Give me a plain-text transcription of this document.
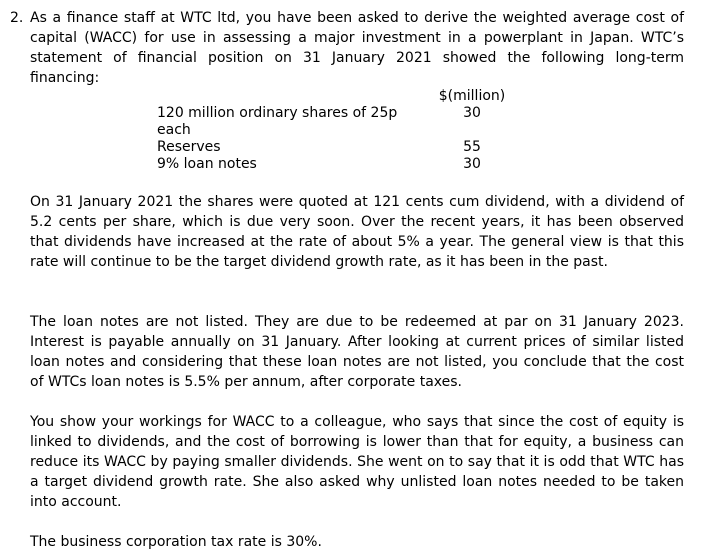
2. As a finance staff at WTC ltd, you have been asked to derive the weighted average cost of capital (WACC) for use in assessing a major investment in a powerplant in Japan. WTC’s statement of financial position on 31 January 2021 showed the following long-term financing:

	$(million)

120 million ordinary shares of 25p each	30
Reserves	55
9% loan notes	30

On 31 January 2021 the shares were quoted at 121 cents cum dividend, with a dividend of 5.2 cents per share, which is due very soon. Over the recent years, it has been observed that dividends have increased at the rate of about 5% a year. The general view is that this rate will continue to be the target dividend growth rate, as it has been in the past.

The loan notes are not listed. They are due to be redeemed at par on 31 January 2023. Interest is payable annually on 31 January. After looking at current prices of similar listed loan notes and considering that these loan notes are not listed, you conclude that the cost of WTCs loan notes is 5.5% per annum, after corporate taxes.

You show your workings for WACC to a colleague, who says that since the cost of equity is linked to dividends, and the cost of borrowing is lower than that for equity, a business can reduce its WACC by paying smaller dividends. She went on to say that it is odd that WTC has a target dividend growth rate. She also asked why unlisted loan notes needed to be taken into account.

The business corporation tax rate is 30%.
